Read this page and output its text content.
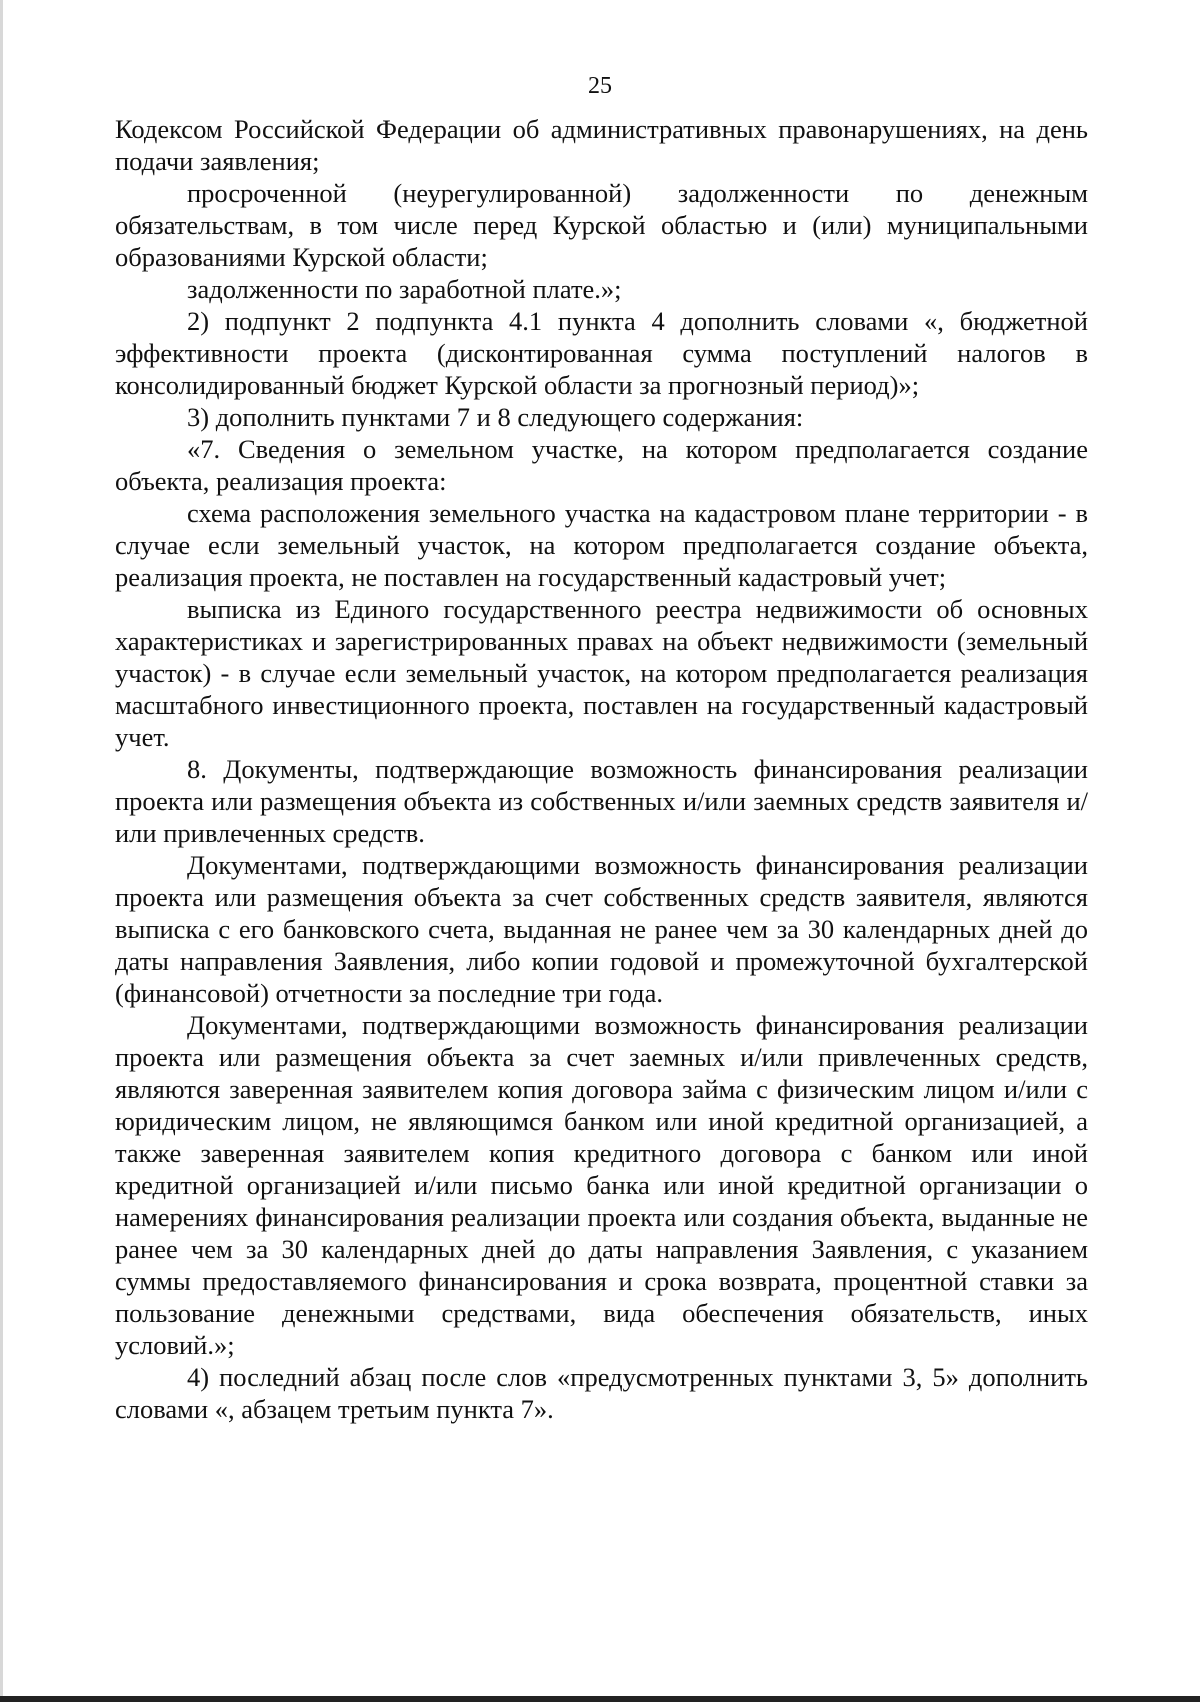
25

Кодексом Российской Федерации об административных правонарушениях, на день подачи заявления;

просроченной (неурегулированной) задолженности по денежным обязательствам, в том числе перед Курской областью и (или) муниципальными образованиями Курской области;

задолженности по заработной плате.»;

2) подпункт 2 подпункта 4.1 пункта 4 дополнить словами «, бюджетной эффективности проекта (дисконтированная сумма поступлений налогов в консолидированный бюджет Курской области за прогнозный период)»;

3) дополнить пунктами 7 и 8 следующего содержания:

«7. Сведения о земельном участке, на котором предполагается создание объекта, реализация проекта:

схема расположения земельного участка на кадастровом плане территории - в случае если земельный участок, на котором предполагается создание объекта, реализация проекта, не поставлен на государственный кадастровый учет;

выписка из Единого государственного реестра недвижимости об основных характеристиках и зарегистрированных правах на объект недвижимости (земельный участок) - в случае если земельный участок, на котором предполагается реализация масштабного инвестиционного проекта, поставлен на государственный кадастровый учет.

8. Документы, подтверждающие возможность финансирования реализации проекта или размещения объекта из собственных и/или заемных средств заявителя и/или привлеченных средств.

Документами, подтверждающими возможность финансирования реализации проекта или размещения объекта за счет собственных средств заявителя, являются выписка с его банковского счета, выданная не ранее чем за 30 календарных дней до даты направления Заявления, либо копии годовой и промежуточной бухгалтерской (финансовой) отчетности за последние три года.

Документами, подтверждающими возможность финансирования реализации проекта или размещения объекта за счет заемных и/или привлеченных средств, являются заверенная заявителем копия договора займа с физическим лицом и/или с юридическим лицом, не являющимся банком или иной кредитной организацией, а также заверенная заявителем копия кредитного договора с банком или иной кредитной организацией и/или письмо банка или иной кредитной организации о намерениях финансирования реализации проекта или создания объекта, выданные не ранее чем за 30 календарных дней до даты направления Заявления, с указанием суммы предоставляемого финансирования и срока возврата, процентной ставки за пользование денежными средствами, вида обеспечения обязательств, иных условий.»;

4) последний абзац после слов «предусмотренных пунктами 3, 5» дополнить словами «, абзацем третьим пункта 7».
